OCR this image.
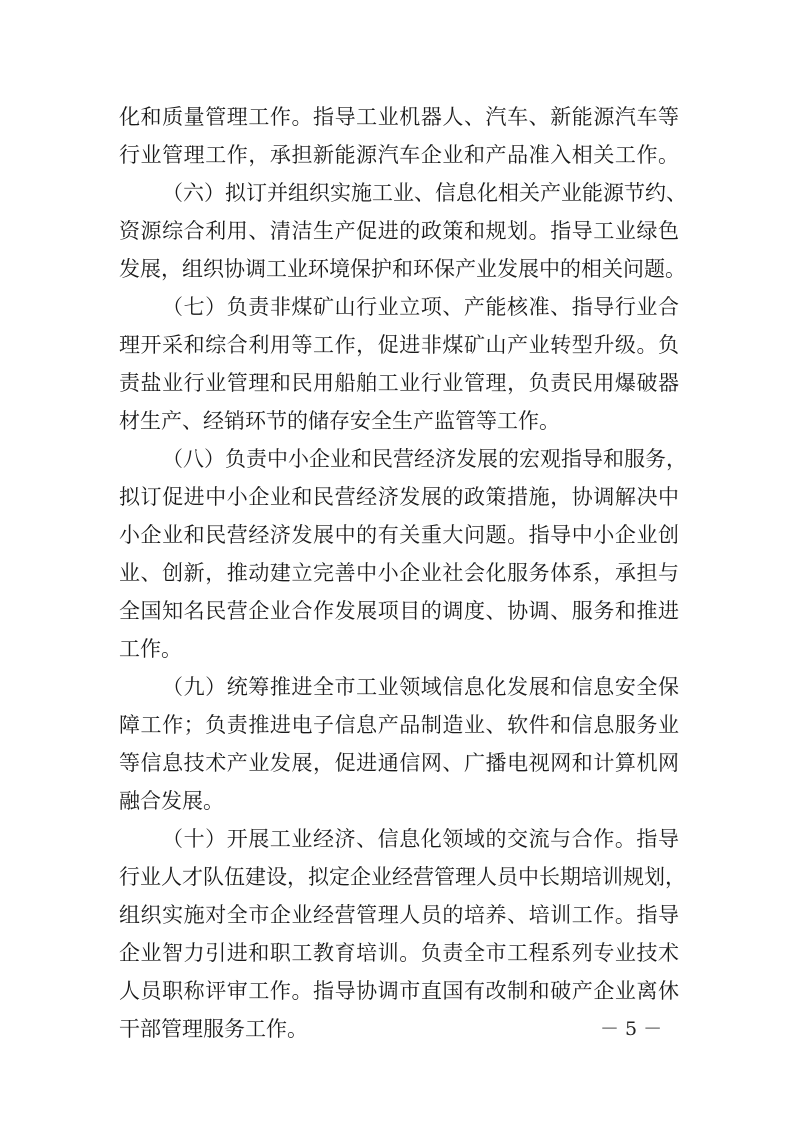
化和质量管理工作。指导工业机器人、汽车、新能源汽车等
行业管理工作，承担新能源汽车企业和产品准入相关工作。
（六）拟订并组织实施工业、信息化相关产业能源节约、
资源综合利用、清洁生产促进的政策和规划。指导工业绿色
发展，组织协调工业环境保护和环保产业发展中的相关问题。
（七）负责非煤矿山行业立项、产能核准、指导行业合
理开采和综合利用等工作，促进非煤矿山产业转型升级。负
责盐业行业管理和民用船舶工业行业管理，负责民用爆破器
材生产、经销环节的储存安全生产监管等工作。
（八）负责中小企业和民营经济发展的宏观指导和服务，
拟订促进中小企业和民营经济发展的政策措施，协调解决中
小企业和民营经济发展中的有关重大问题。指导中小企业创
业、创新，推动建立完善中小企业社会化服务体系，承担与
全国知名民营企业合作发展项目的调度、协调、服务和推进
工作。
（九）统筹推进全市工业领域信息化发展和信息安全保
障工作；负责推进电子信息产品制造业、软件和信息服务业
等信息技术产业发展，促进通信网、广播电视网和计算机网
融合发展。
（十）开展工业经济、信息化领域的交流与合作。指导
行业人才队伍建设，拟定企业经营管理人员中长期培训规划，
组织实施对全市企业经营管理人员的培养、培训工作。指导
企业智力引进和职工教育培训。负责全市工程系列专业技术
人员职称评审工作。指导协调市直国有改制和破产企业离休
干部管理服务工作。	－ 5 －
